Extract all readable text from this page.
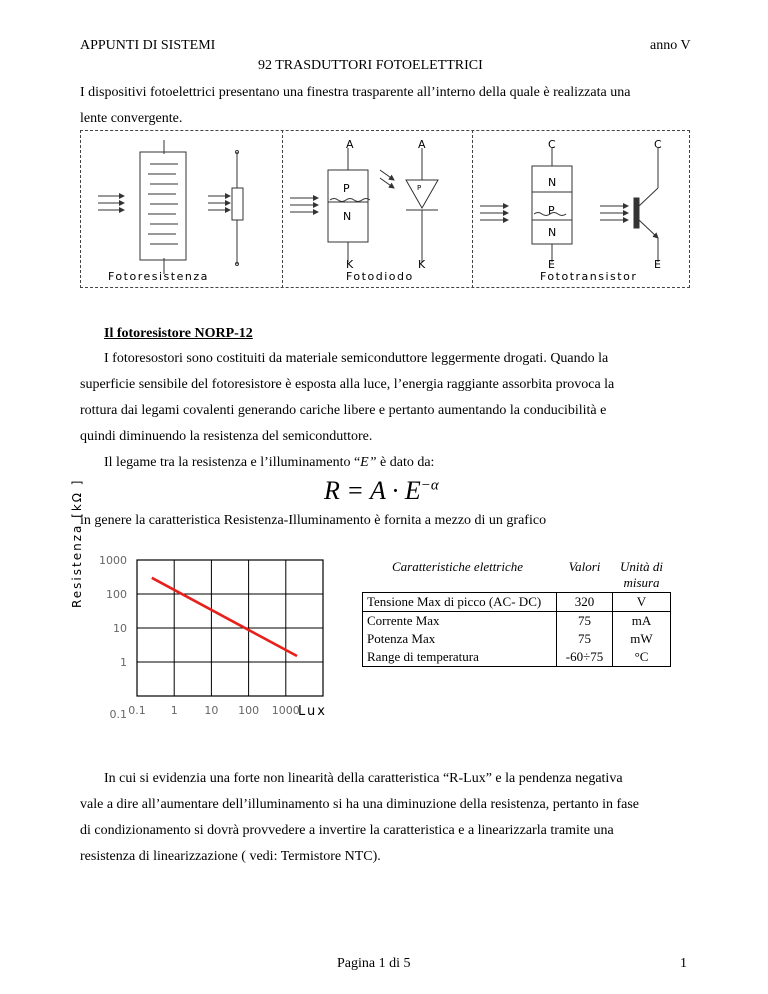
APPUNTI DI SISTEMI	anno V
92 TRASDUTTORI FOTOELETTRICI
I dispositivi fotoelettrici presentano una finestra trasparente all’interno della quale è realizzata una
lente convergente.
A	A
K	K
P
N
P
C	C
E	E
N
P
N
Fotoresistenza	Fotodiodo	Fototransistor
Il fotoresistore NORP-12
I fotoresostori sono costituiti da materiale semiconduttore leggermente drogati. Quando la
superficie sensibile del fotoresistore è esposta alla luce, l’energia raggiante assorbita provoca la
rottura dai legami covalenti generando cariche libere e pertanto aumentando la conducibilità e
quindi diminuendo la resistenza del semiconduttore.
Il legame tra la resistenza e l’illuminamento “E” è dato da:
$R = A \cdot E^{-\alpha}$
in genere la caratteristica Resistenza-Illuminamento è fornita a mezzo di un grafico
0.1 1 10 100 1000
1000
100
10
1
0.1
Resistenza [kΩ ]
Lux
Caratteristiche elettriche	Valori	Unità di misura
Tensione Max di picco (AC- DC)	320	V
Corrente Max	75	mA
Potenza Max	75	mW
Range di temperatura	-60÷75	°C
In cui si evidenzia una forte non linearità della caratteristica “R-Lux” e la pendenza negativa
vale a dire all’aumentare dell’illuminamento si ha una diminuzione della resistenza, pertanto in fase
di condizionamento si dovrà provvedere a invertire la caratteristica e a linearizzarla tramite una
resistenza di linearizzazione ( vedi: Termistore NTC).
Pagina 1 di 5	1
